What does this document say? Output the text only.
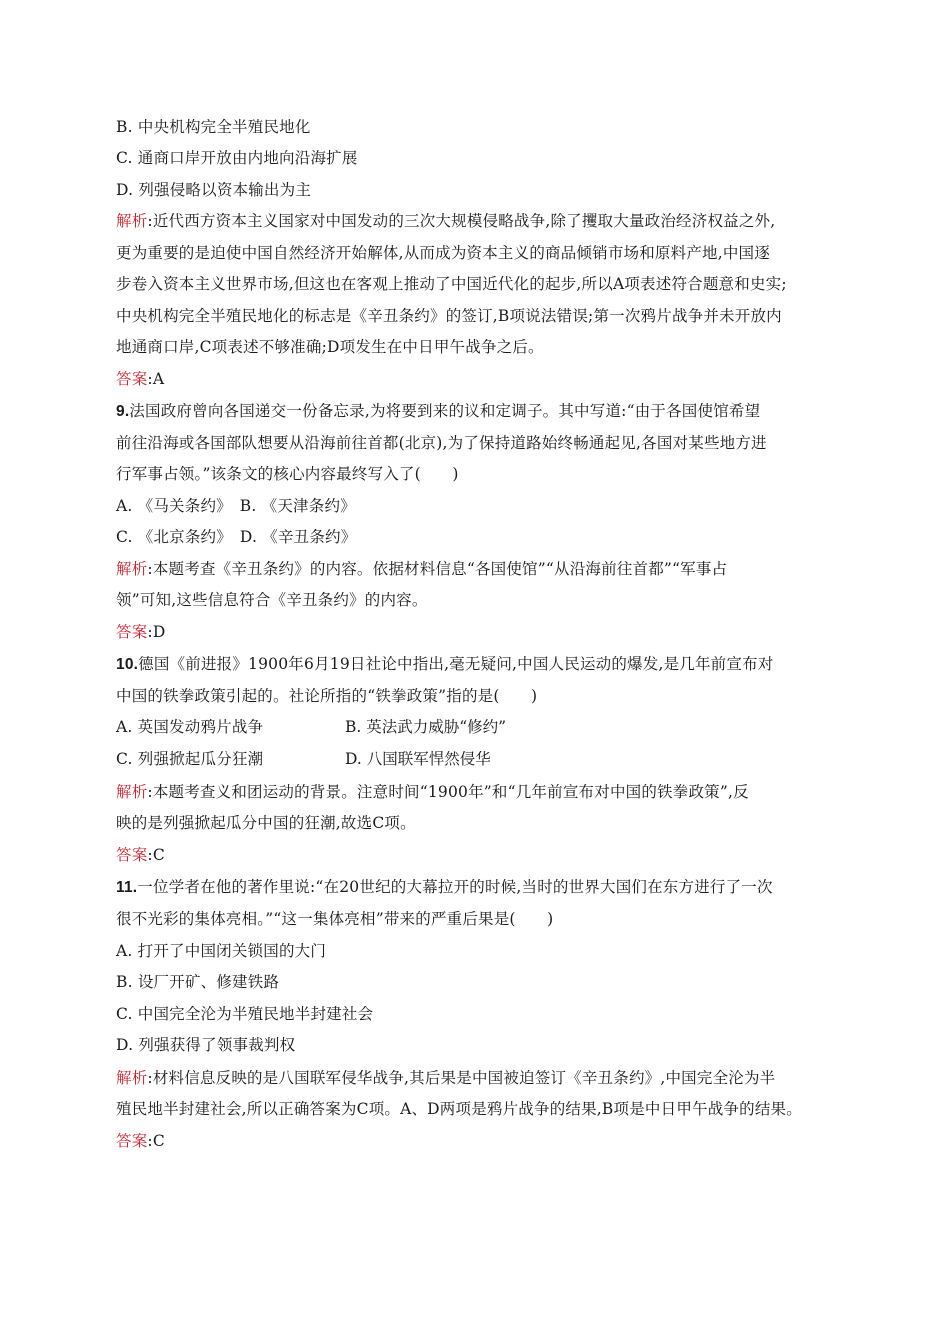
B. 中央机构完全半殖民地化
C. 通商口岸开放由内地向沿海扩展
D. 列强侵略以资本输出为主
解析:近代西方资本主义国家对中国发动的三次大规模侵略战争,除了攫取大量政治经济权益之外,
更为重要的是迫使中国自然经济开始解体,从而成为资本主义的商品倾销市场和原料产地,中国逐
步卷入资本主义世界市场,但这也在客观上推动了中国近代化的起步,所以A项表述符合题意和史实;
中央机构完全半殖民地化的标志是《辛丑条约》的签订,B项说法错误;第一次鸦片战争并未开放内
地通商口岸,C项表述不够准确;D项发生在中日甲午战争之后。
答案:A
9.法国政府曾向各国递交一份备忘录,为将要到来的议和定调子。其中写道:“由于各国使馆希望
前往沿海或各国部队想要从沿海前往首都(北京),为了保持道路始终畅通起见,各国对某些地方进
行军事占领。”该条文的核心内容最终写入了(　　)
A. 《马关条约》　B. 《天津条约》
C. 《北京条约》　D. 《辛丑条约》
解析:本题考查《辛丑条约》的内容。依据材料信息“各国使馆”“从沿海前往首都”“军事占
领”可知,这些信息符合《辛丑条约》的内容。
答案:D
10.德国《前进报》1900年6月19日社论中指出,毫无疑问,中国人民运动的爆发,是几年前宣布对
中国的铁拳政策引起的。社论所指的“铁拳政策”指的是(　　)
A. 英国发动鸦片战争	B. 英法武力威胁“修约”
C. 列强掀起瓜分狂潮	D. 八国联军悍然侵华
解析:本题考查义和团运动的背景。注意时间“1900年”和“几年前宣布对中国的铁拳政策”,反
映的是列强掀起瓜分中国的狂潮,故选C项。
答案:C
11.一位学者在他的著作里说:“在20世纪的大幕拉开的时候,当时的世界大国们在东方进行了一次
很不光彩的集体亮相。”“这一集体亮相”带来的严重后果是(　　)
A. 打开了中国闭关锁国的大门
B. 设厂开矿、修建铁路
C. 中国完全沦为半殖民地半封建社会
D. 列强获得了领事裁判权
解析:材料信息反映的是八国联军侵华战争,其后果是中国被迫签订《辛丑条约》,中国完全沦为半
殖民地半封建社会,所以正确答案为C项。A、D两项是鸦片战争的结果,B项是中日甲午战争的结果。
答案:C
